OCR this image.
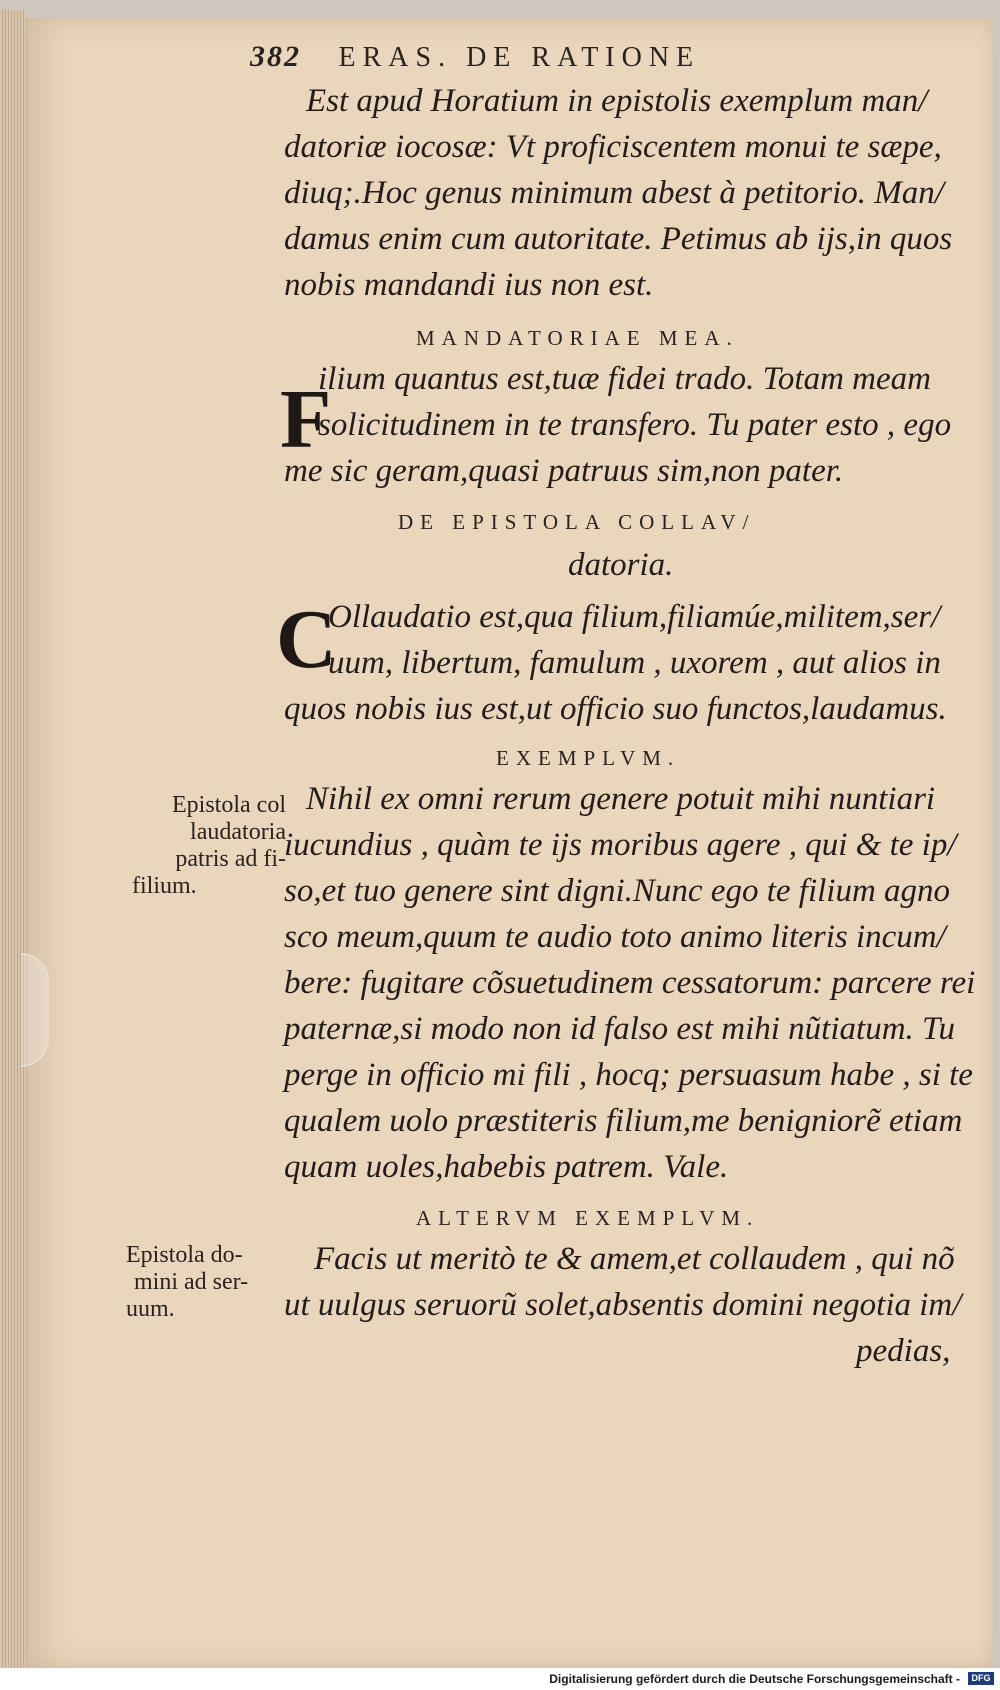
382 ERAS. DE RATIONE
Est apud Horatium in epistolis exemplum man/
datoriæ iocosæ: Vt proficiscentem monui te sæpe,
diuq;.Hoc genus minimum abest à petitorio. Man/
damus enim cum autoritate. Petimus ab ijs,in quos
nobis mandandi ius non est.
MANDATORIAE MEA.
F
ilium quantus est,tuæ fidei trado. Totam meam
solicitudinem in te transfero. Tu pater esto , ego
me sic geram,quasi patruus sim,non pater.
DE EPISTOLA COLLAV/
datoria.
C
Ollaudatio est,qua filium,filiamúe,militem,ser/
uum, libertum, famulum , uxorem , aut alios in
quos nobis ius est,ut officio suo functos,laudamus.
EXEMPLVM.
Epistola col
laudatoria
patris ad fi-
filium.
Nihil ex omni rerum genere potuit mihi nuntiari
iucundius , quàm te ijs moribus agere , qui & te ip/
so,et tuo genere sint digni.Nunc ego te filium agno
sco meum,quum te audio toto animo literis incum/
bere: fugitare cõsuetudinem cessatorum: parcere rei
paternæ,si modo non id falso est mihi nũtiatum. Tu
perge in officio mi fili , hocq; persuasum habe , si te
qualem uolo præstiteris filium,me benigniorẽ etiam
quam uoles,habebis patrem. Vale.
ALTERVM EXEMPLVM.
Epistola do-
mini ad ser-
uum.
Facis ut meritò te & amem,et collaudem , qui nõ
ut uulgus seruorũ solet,absentis domini negotia im/
pedias,
Digitalisierung gefördert durch die Deutsche Forschungsgemeinschaft -	DFG
